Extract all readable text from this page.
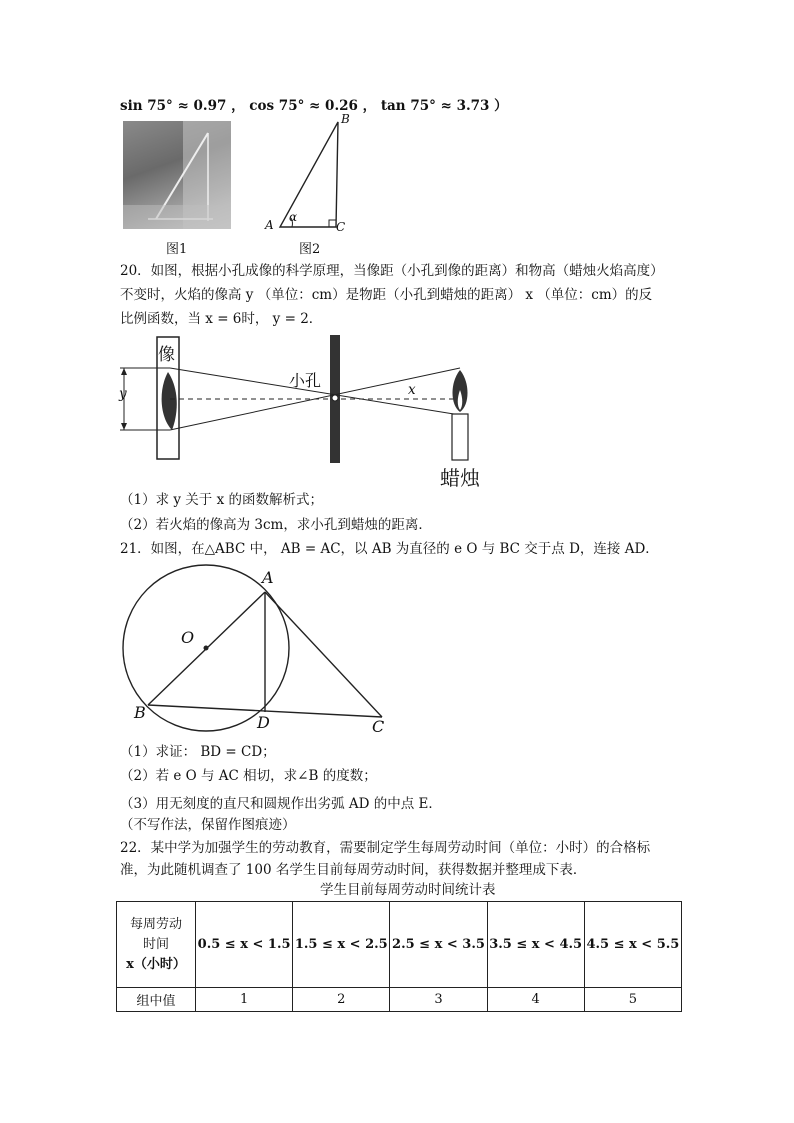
sin 75° ≈ 0.97 ， cos 75° ≈ 0.26 ， tan 75° ≈ 3.73 ）
图1
B
A	C
α
图2
20．如图，根据小孔成像的科学原理，当像距（小孔到像的距离）和物高（蜡烛火焰高度）
不变时，火焰的像高 y （单位：cm）是物距（小孔到蜡烛的距离） x （单位：cm）的反
比例函数，当 x = 6时， y = 2．
像
y
小孔	x
蜡烛
（1）求 y 关于 x 的函数解析式；
（2）若火焰的像高为 3cm，求小孔到蜡烛的距离．
21．如图，在△ABC 中， AB = AC，以 AB 为直径的 e O 与 BC 交于点 D，连接 AD．
A
O
B
D	C
（1）求证： BD = CD；
（2）若 e O 与 AC 相切，求∠B 的度数；
（3）用无刻度的直尺和圆规作出劣弧 AD 的中点 E．
（不写作法，保留作图痕迹）
22．某中学为加强学生的劳动教育，需要制定学生每周劳动时间（单位：小时）的合格标
准，为此随机调查了 100 名学生目前每周劳动时间，获得数据并整理成下表．
学生目前每周劳动时间统计表
每周劳动
时间
x（小时）	0.5 ≤ x < 1.5	1.5 ≤ x < 2.5	2.5 ≤ x < 3.5	3.5 ≤ x < 4.5	4.5 ≤ x < 5.5
组中值	1	2	3	4	5
